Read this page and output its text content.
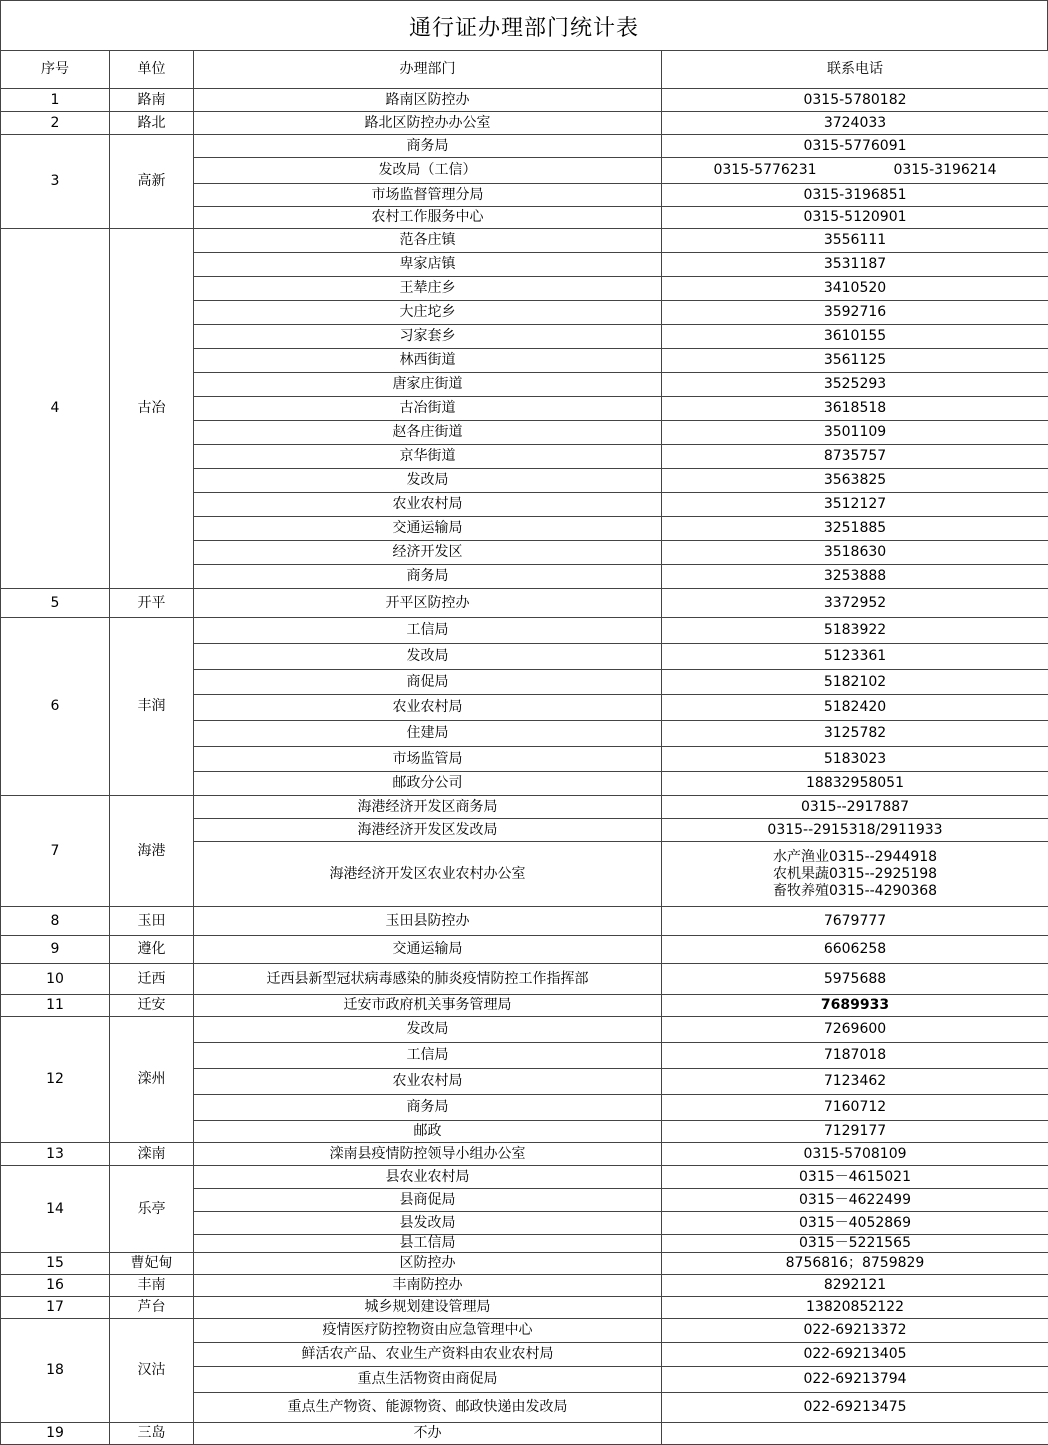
通行证办理部门统计表
序号	单位	办理部门	联系电话
1	路南	路南区防控办	0315-5780182
2	路北	路北区防控办办公室	3724033
3	高新	商务局	0315-5776091
		发改局（工信）	0315-5776231 0315-3196214
		市场监督管理分局	0315-3196851
		农村工作服务中心	0315-5120901
4	古冶	范各庄镇	3556111
		卑家店镇	3531187
		王辇庄乡	3410520
		大庄坨乡	3592716
		习家套乡	3610155
		林西街道	3561125
		唐家庄街道	3525293
		古冶街道	3618518
		赵各庄街道	3501109
		京华街道	8735757
		发改局	3563825
		农业农村局	3512127
		交通运输局	3251885
		经济开发区	3518630
		商务局	3253888
5	开平	开平区防控办	3372952
6	丰润	工信局	5183922
		发改局	5123361
		商促局	5182102
		农业农村局	5182420
		住建局	3125782
		市场监管局	5183023
		邮政分公司	18832958051
7	海港	海港经济开发区商务局	0315--2917887
		海港经济开发区发改局	0315--2915318/2911933
		海港经济开发区农业农村办公室	水产渔业0315--2944918
农机果蔬0315--2925198
畜牧养殖0315--4290368

8	玉田	玉田县防控办	7679777
9	遵化	交通运输局	6606258
10	迁西	迁西县新型冠状病毒感染的肺炎疫情防控工作指挥部	5975688
11	迁安	迁安市政府机关事务管理局	7689933
12	滦州	发改局	7269600
		工信局	7187018
		农业农村局	7123462
		商务局	7160712
		邮政	7129177
13	滦南	滦南县疫情防控领导小组办公室	0315-5708109
14	乐亭	县农业农村局	0315－4615021
		县商促局	0315－4622499
		县发改局	0315－4052869
		县工信局	0315－5221565
15	曹妃甸	区防控办	8756816；8759829
16	丰南	丰南防控办	8292121
17	芦台	城乡规划建设管理局	13820852122
18	汉沽	疫情医疗防控物资由应急管理中心	022-69213372
		鲜活农产品、农业生产资料由农业农村局	022-69213405
		重点生活物资由商促局	022-69213794
		重点生产物资、能源物资、邮政快递由发改局	022-69213475
19	三岛	不办	
